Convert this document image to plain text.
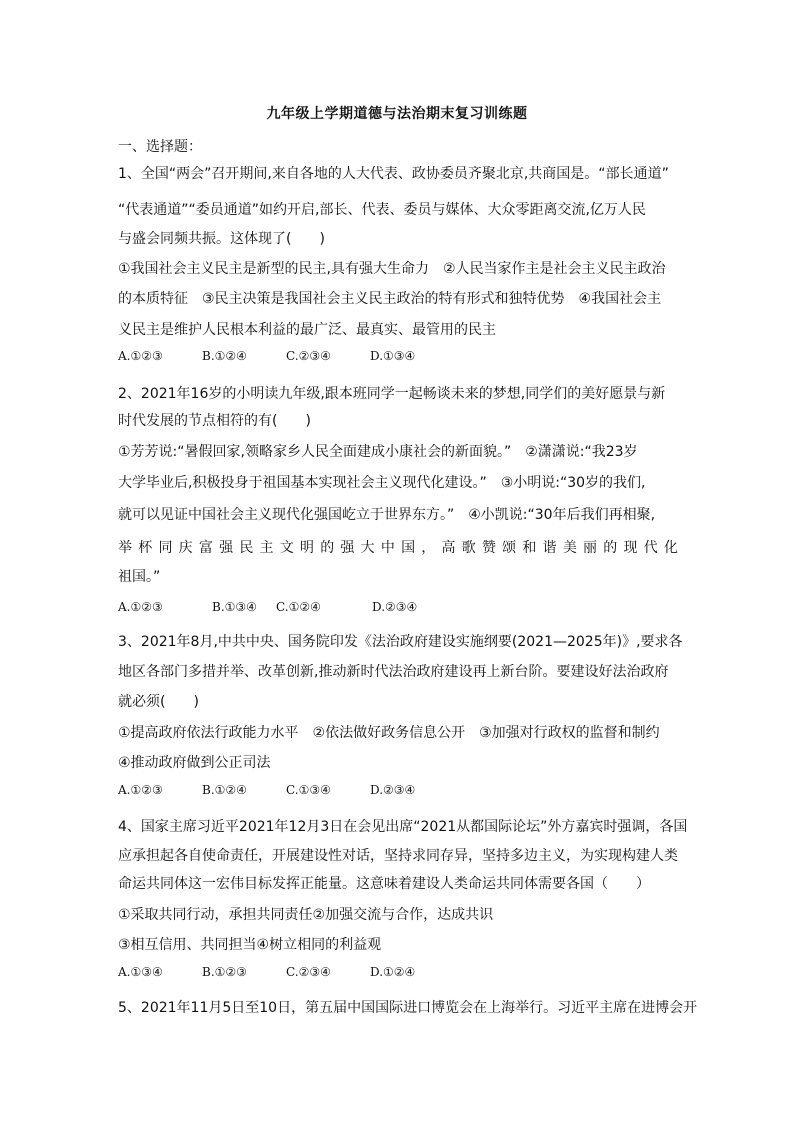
九年级上学期道德与法治期末复习训练题
一、选择题：
1、全国“两会”召开期间,来自各地的人大代表、政协委员齐聚北京,共商国是。“部长通道”
“代表通道”“委员通道”如约开启,部长、代表、委员与媒体、大众零距离交流,亿万人民
与盛会同频共振。这体现了(　　)
①我国社会主义民主是新型的民主,具有强大生命力　②人民当家作主是社会主义民主政治
的本质特征　③民主决策是我国社会主义民主政治的特有形式和独特优势　④我国社会主
义民主是维护人民根本利益的最广泛、最真实、最管用的民主
A.①②③	B.①②④	C.②③④	D.①③④
2、2021年16岁的小明读九年级,跟本班同学一起畅谈未来的梦想,同学们的美好愿景与新
时代发展的节点相符的有(　　)
①芳芳说:“暑假回家,领略家乡人民全面建成小康社会的新面貌。”　②潇潇说:“我23岁
大学毕业后,积极投身于祖国基本实现社会主义现代化建设。”　③小明说:“30岁的我们,
就可以见证中国社会主义现代化强国屹立于世界东方。”　④小凯说:“30年后我们再相聚,
举 杯 同 庆 富 强 民 主 文 明 的 强 大 中 国 ， 高 歌 赞 颂 和 谐 美 丽 的 现 代 化
祖国。”
A.①②③	B.①③④ C.①②④	D.②③④
3、2021年8月,中共中央、国务院印发《法治政府建设实施纲要(2021—2025年)》,要求各
地区各部门多措并举、改革创新,推动新时代法治政府建设再上新台阶。要建设好法治政府
就必须(　　)
①提高政府依法行政能力水平　②依法做好政务信息公开　③加强对行政权的监督和制约
④推动政府做到公正司法
A.①②③	B.①②④	C.①③④	D.②③④
4、国家主席习近平2021年12月3日在会见出席“2021从都国际论坛”外方嘉宾时强调，各国
应承担起各自使命责任，开展建设性对话，坚持求同存异，坚持多边主义，为实现构建人类
命运共同体这一宏伟目标发挥正能量。这意味着建设人类命运共同体需要各国（　　）
①采取共同行动，承担共同责任②加强交流与合作，达成共识
③相互信用、共同担当④树立相同的利益观
A.①③④	B.①②③	C.②③④	D.①②④
5、2021年11月5日至10日，第五届中国国际进口博览会在上海举行。习近平主席在进博会开
